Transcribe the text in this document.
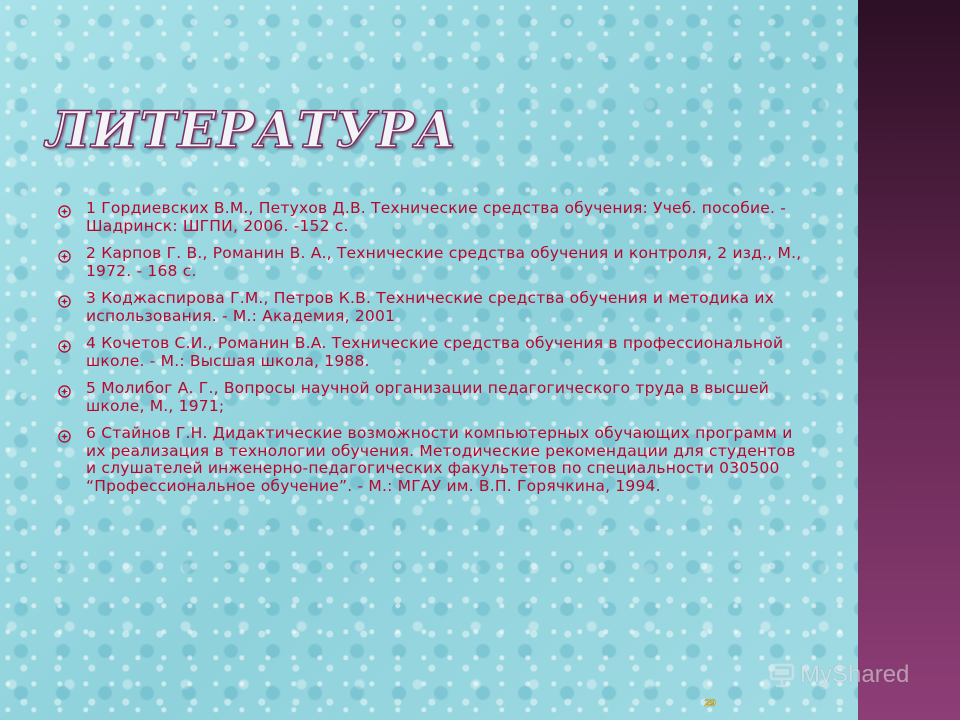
ЛИТЕРАТУРА
1 Гордиевских В.М., Петухов Д.В. Технические средства обучения: Учеб. пособие. - Шадринск: ШГПИ, 2006. -152 с.
2 Карпов Г. В., Романин В. А., Технические средства обучения и контроля, 2 изд., М., 1972. - 168 с.
3 Коджаспирова Г.М., Петров К.В. Технические средства обучения и методика их использования. - М.: Академия, 2001
4 Кочетов С.И., Романин В.А. Технические средства обучения в профессиональной школе. - М.: Высшая школа, 1988.
5 Молибог А. Г., Вопросы научной организации педагогического труда в высшей школе, М., 1971;
6 Стайнов Г.Н. Дидактические возможности компьютерных обучающих программ и их реализация в технологии обучения. Методические рекомендации для студентов и слушателей инженерно-педагогических факультетов по специальности 030500 “Профессиональное обучение”. - М.: МГАУ им. В.П. Горячкина, 1994.
MyShared
29
